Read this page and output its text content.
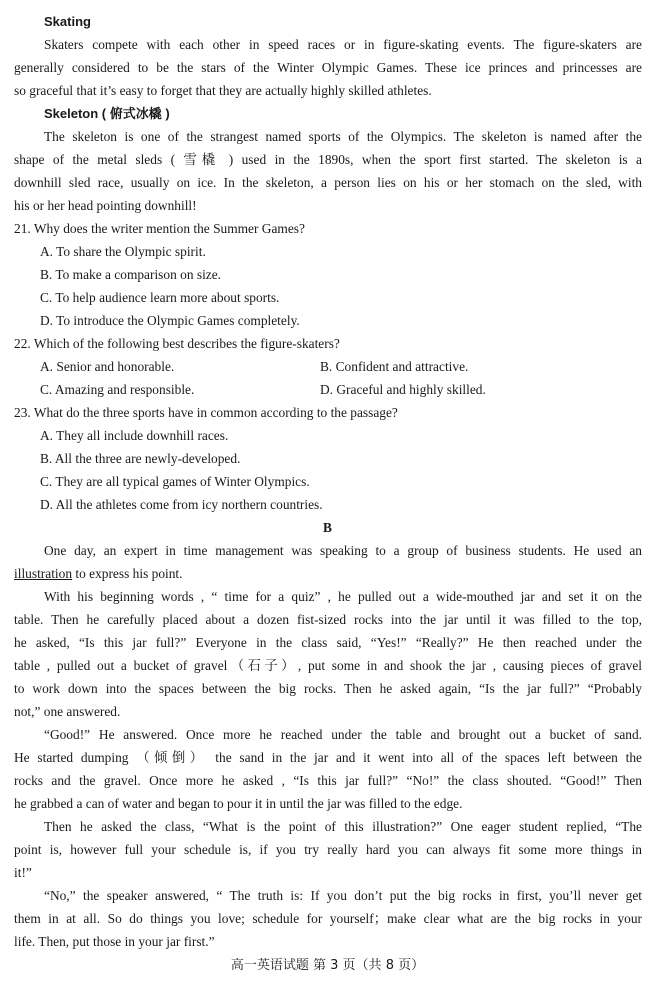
Skating
Skaters compete with each other in speed races or in figure-skating events. The figure-skaters are
generally considered to be the stars of the Winter Olympic Games. These ice princes and princesses are
so graceful that it’s easy to forget that they are actually highly skilled athletes.
Skeleton ( 俯式冰橇 )
The skeleton is one of the strangest named sports of the Olympics. The skeleton is named after the
shape of the metal sleds ( 雪橇 ) used in the 1890s, when the sport first started. The skeleton is a
downhill sled race, usually on ice. In the skeleton, a person lies on his or her stomach on the sled, with
his or her head pointing downhill!
21. Why does the writer mention the Summer Games?
A. To share the Olympic spirit.
B. To make a comparison on size.
C. To help audience learn more about sports.
D. To introduce the Olympic Games completely.
22. Which of the following best describes the figure-skaters?
A. Senior and honorable.	B. Confident and attractive.
C. Amazing and responsible.	D. Graceful and highly skilled.
23. What do the three sports have in common according to the passage?
A. They all include downhill races.
B. All the three are newly-developed.
C. They are all typical games of Winter Olympics.
D. All the athletes come from icy northern countries.
B
One day, an expert in time management was speaking to a group of business students. He used an
illustration to express his point.
With his beginning words , “ time for a quiz” , he pulled out a wide-mouthed jar and set it on the
table. Then he carefully placed about a dozen fist-sized rocks into the jar until it was filled to the top,
he asked, “Is this jar full?” Everyone in the class said, “Yes!” “Really?” He then reached under the
table , pulled out a bucket of gravel（石子）, put some in and shook the jar , causing pieces of gravel
to work down into the spaces between the big rocks. Then he asked again, “Is the jar full?” “Probably
not,” one answered.
“Good!” He answered. Once more he reached under the table and brought out a bucket of sand.
He started dumping （倾倒） the sand in the jar and it went into all of the spaces left between the
rocks and the gravel. Once more he asked , “Is this jar full?” “No!” the class shouted. “Good!” Then
he grabbed a can of water and began to pour it in until the jar was filled to the edge.
Then he asked the class, “What is the point of this illustration?” One eager student replied, “The
point is, however full your schedule is, if you try really hard you can always fit some more things in
it!”
“No,” the speaker answered, “ The truth is: If you don’t put the big rocks in first, you’ll never get
them in at all. So do things you love; schedule for yourself；make clear what are the big rocks in your
life. Then, put those in your jar first.”
高一英语试题 第 3 页（共 8 页）
